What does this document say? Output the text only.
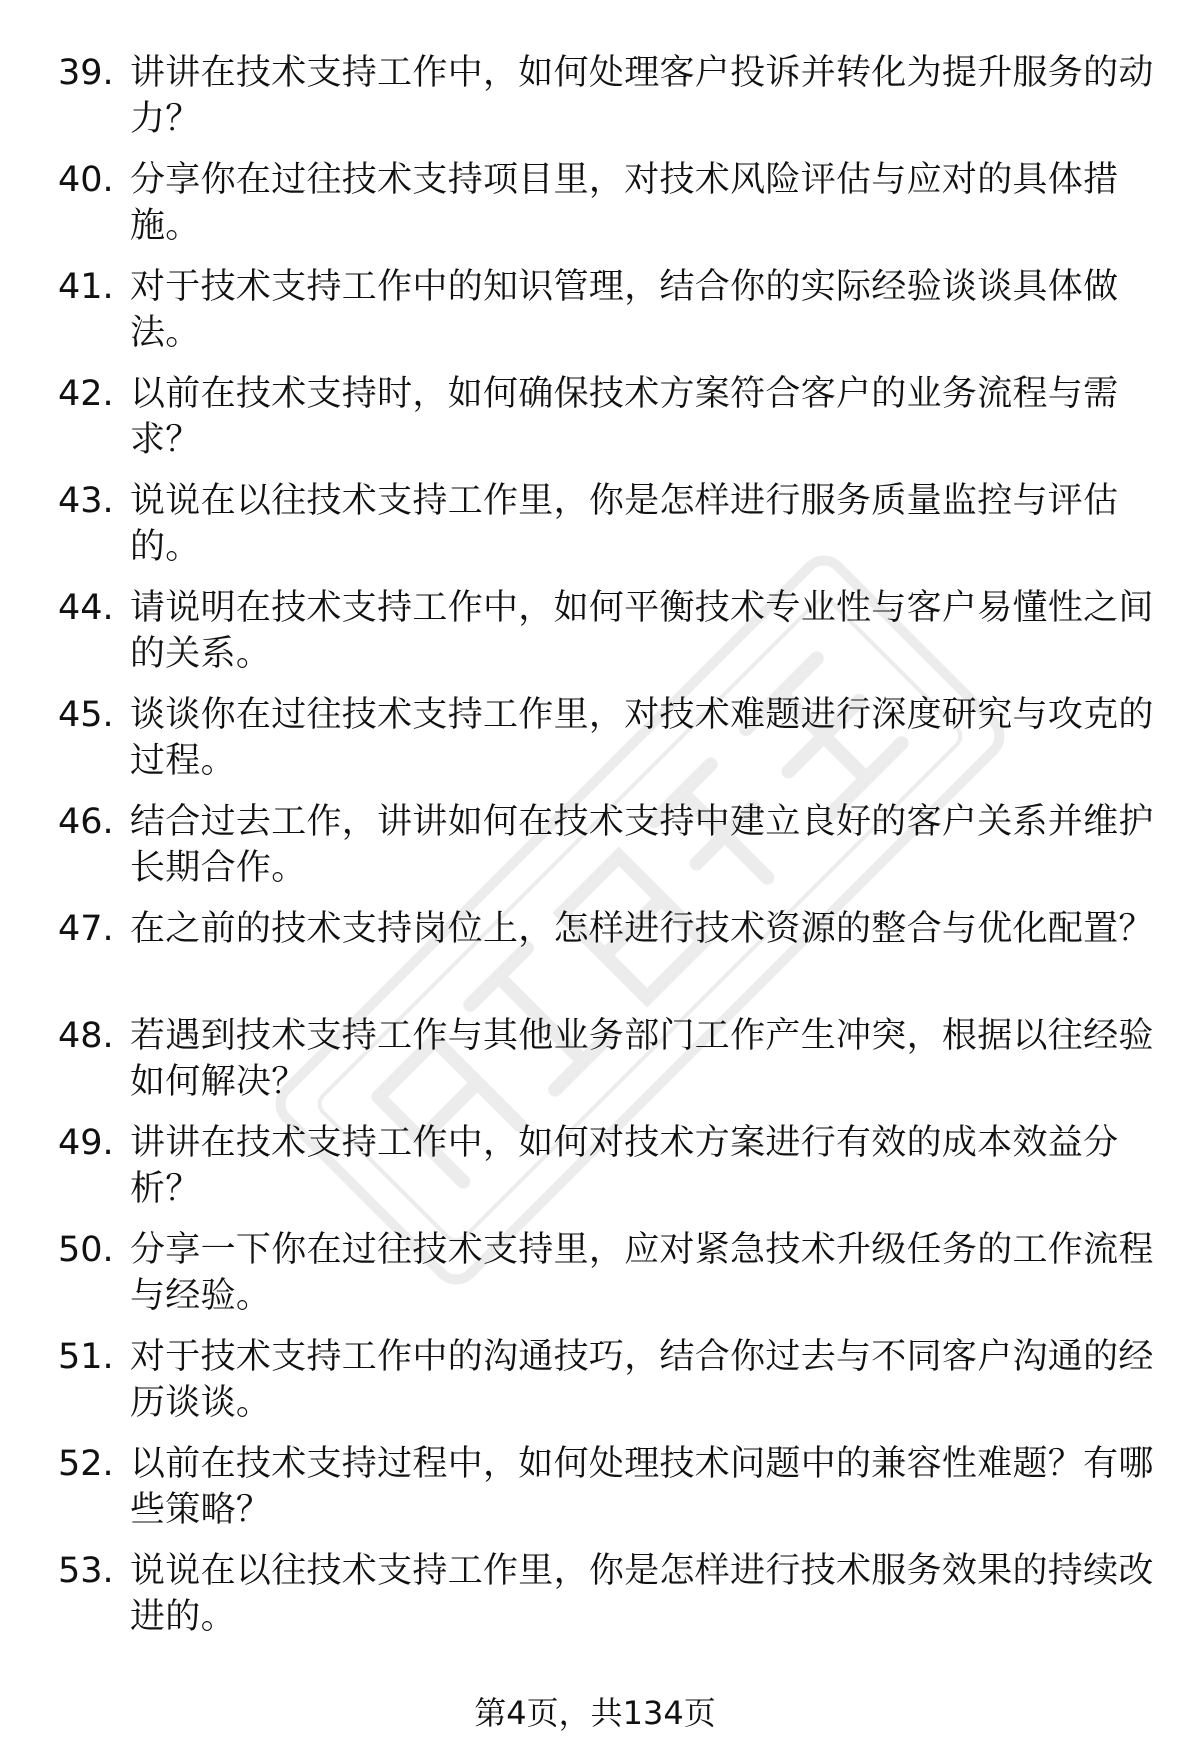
39. 讲讲在技术支持工作中，如何处理客户投诉并转化为提升服务的动力？
40. 分享你在过往技术支持项目里，对技术风险评估与应对的具体措施。
41. 对于技术支持工作中的知识管理，结合你的实际经验谈谈具体做法。
42. 以前在技术支持时，如何确保技术方案符合客户的业务流程与需求？
43. 说说在以往技术支持工作里，你是怎样进行服务质量监控与评估的。
44. 请说明在技术支持工作中，如何平衡技术专业性与客户易懂性之间的关系。
45. 谈谈你在过往技术支持工作里，对技术难题进行深度研究与攻克的过程。
46. 结合过去工作，讲讲如何在技术支持中建立良好的客户关系并维护长期合作。
47. 在之前的技术支持岗位上，怎样进行技术资源的整合与优化配置？
48. 若遇到技术支持工作与其他业务部门工作产生冲突，根据以往经验如何解决？
49. 讲讲在技术支持工作中，如何对技术方案进行有效的成本效益分析？
50. 分享一下你在过往技术支持里，应对紧急技术升级任务的工作流程与经验。
51. 对于技术支持工作中的沟通技巧，结合你过去与不同客户沟通的经历谈谈。
52. 以前在技术支持过程中，如何处理技术问题中的兼容性难题？有哪些策略？
53. 说说在以往技术支持工作里，你是怎样进行技术服务效果的持续改进的。
第4页，共134页
